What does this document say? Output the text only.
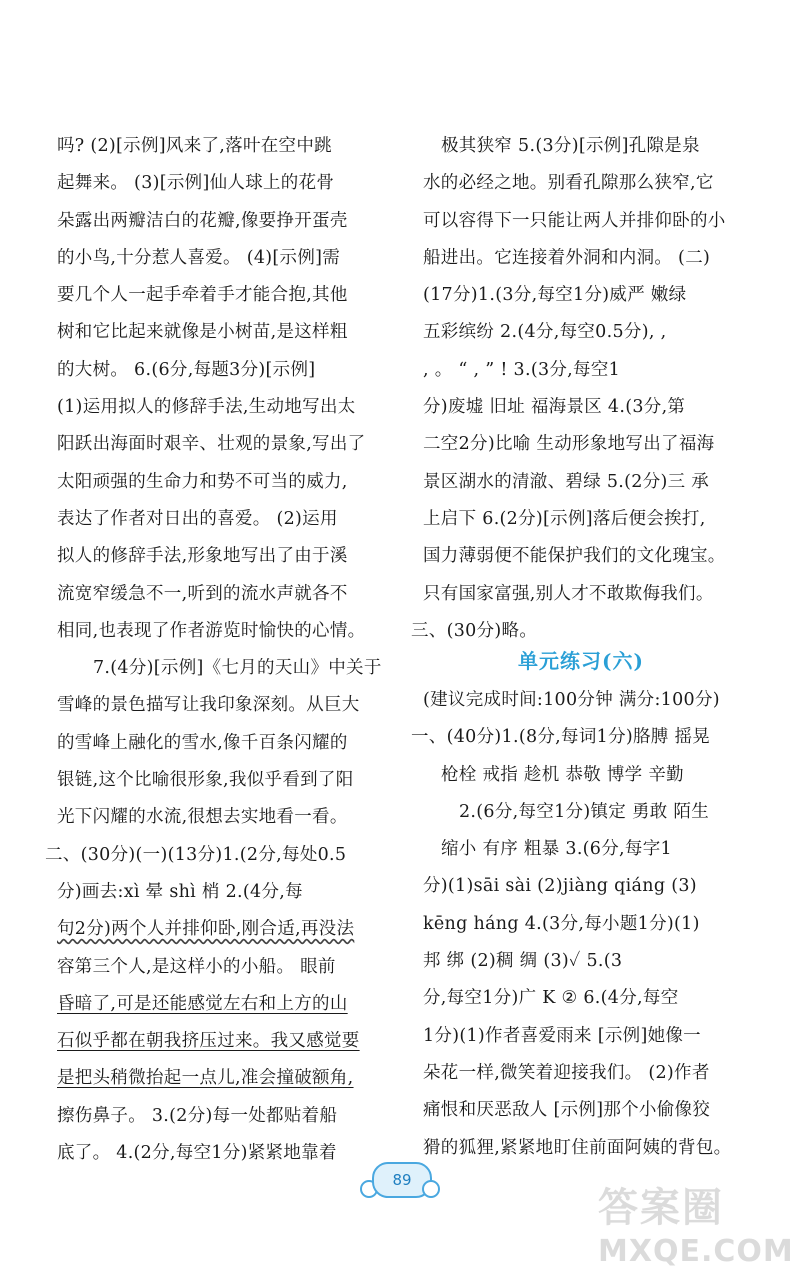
吗? (2)[示例]风来了,落叶在空中跳
起舞来。 (3)[示例]仙人球上的花骨
朵露出两瓣洁白的花瓣,像要挣开蛋壳
的小鸟,十分惹人喜爱。 (4)[示例]需
要几个人一起手牵着手才能合抱,其他
树和它比起来就像是小树苗,是这样粗
的大树。 6.(6分,每题3分)[示例]
(1)运用拟人的修辞手法,生动地写出太
阳跃出海面时艰辛、壮观的景象,写出了
太阳顽强的生命力和势不可当的威力,
表达了作者对日出的喜爱。 (2)运用
拟人的修辞手法,形象地写出了由于溪
流宽窄缓急不一,听到的流水声就各不
相同,也表现了作者游览时愉快的心情。
7.(4分)[示例]《七月的天山》中关于
雪峰的景色描写让我印象深刻。从巨大
的雪峰上融化的雪水,像千百条闪耀的
银链,这个比喻很形象,我似乎看到了阳
光下闪耀的水流,很想去实地看一看。
二、(30分)(一)(13分)1.(2分,每处0.5
分)画去:xì 晕 shì 梢 2.(4分,每
句2分)两个人并排仰卧,刚合适,再没法
容第三个人,是这样小的小船。 眼前
昏暗了,可是还能感觉左右和上方的山
石似乎都在朝我挤压过来。我又感觉要
是把头稍微抬起一点儿,准会撞破额角,
擦伤鼻子。 3.(2分)每一处都贴着船
底了。 4.(2分,每空1分)紧紧地靠着
极其狭窄 5.(3分)[示例]孔隙是泉
水的必经之地。别看孔隙那么狭窄,它
可以容得下一只能让两人并排仰卧的小
船进出。它连接着外洞和内洞。 (二)
(17分)1.(3分,每空1分)威严 嫩绿
五彩缤纷 2.(4分,每空0.5分), ,
, 。 “ , ” ! 3.(3分,每空1
分)废墟 旧址 福海景区 4.(3分,第
二空2分)比喻 生动形象地写出了福海
景区湖水的清澈、碧绿 5.(2分)三 承
上启下 6.(2分)[示例]落后便会挨打,
国力薄弱便不能保护我们的文化瑰宝。
只有国家富强,别人才不敢欺侮我们。
三、(30分)略。
单元练习(六)
(建议完成时间:100分钟 满分:100分)
一、(40分)1.(8分,每词1分)胳膊 摇晃
枪栓 戒指 趁机 恭敬 博学 辛勤
2.(6分,每空1分)镇定 勇敢 陌生
缩小 有序 粗暴 3.(6分,每字1
分)(1)sāi sài (2)jiàng qiáng (3)
kēng háng 4.(3分,每小题1分)(1)
邦 绑 (2)稠 绸 (3)✓ 5.(3
分,每空1分)广 K ② 6.(4分,每空
1分)(1)作者喜爱雨来 [示例]她像一
朵花一样,微笑着迎接我们。 (2)作者
痛恨和厌恶敌人 [示例]那个小偷像狡
猾的狐狸,紧紧地盯住前面阿姨的背包。
89
答案圈
MXQE.COM
